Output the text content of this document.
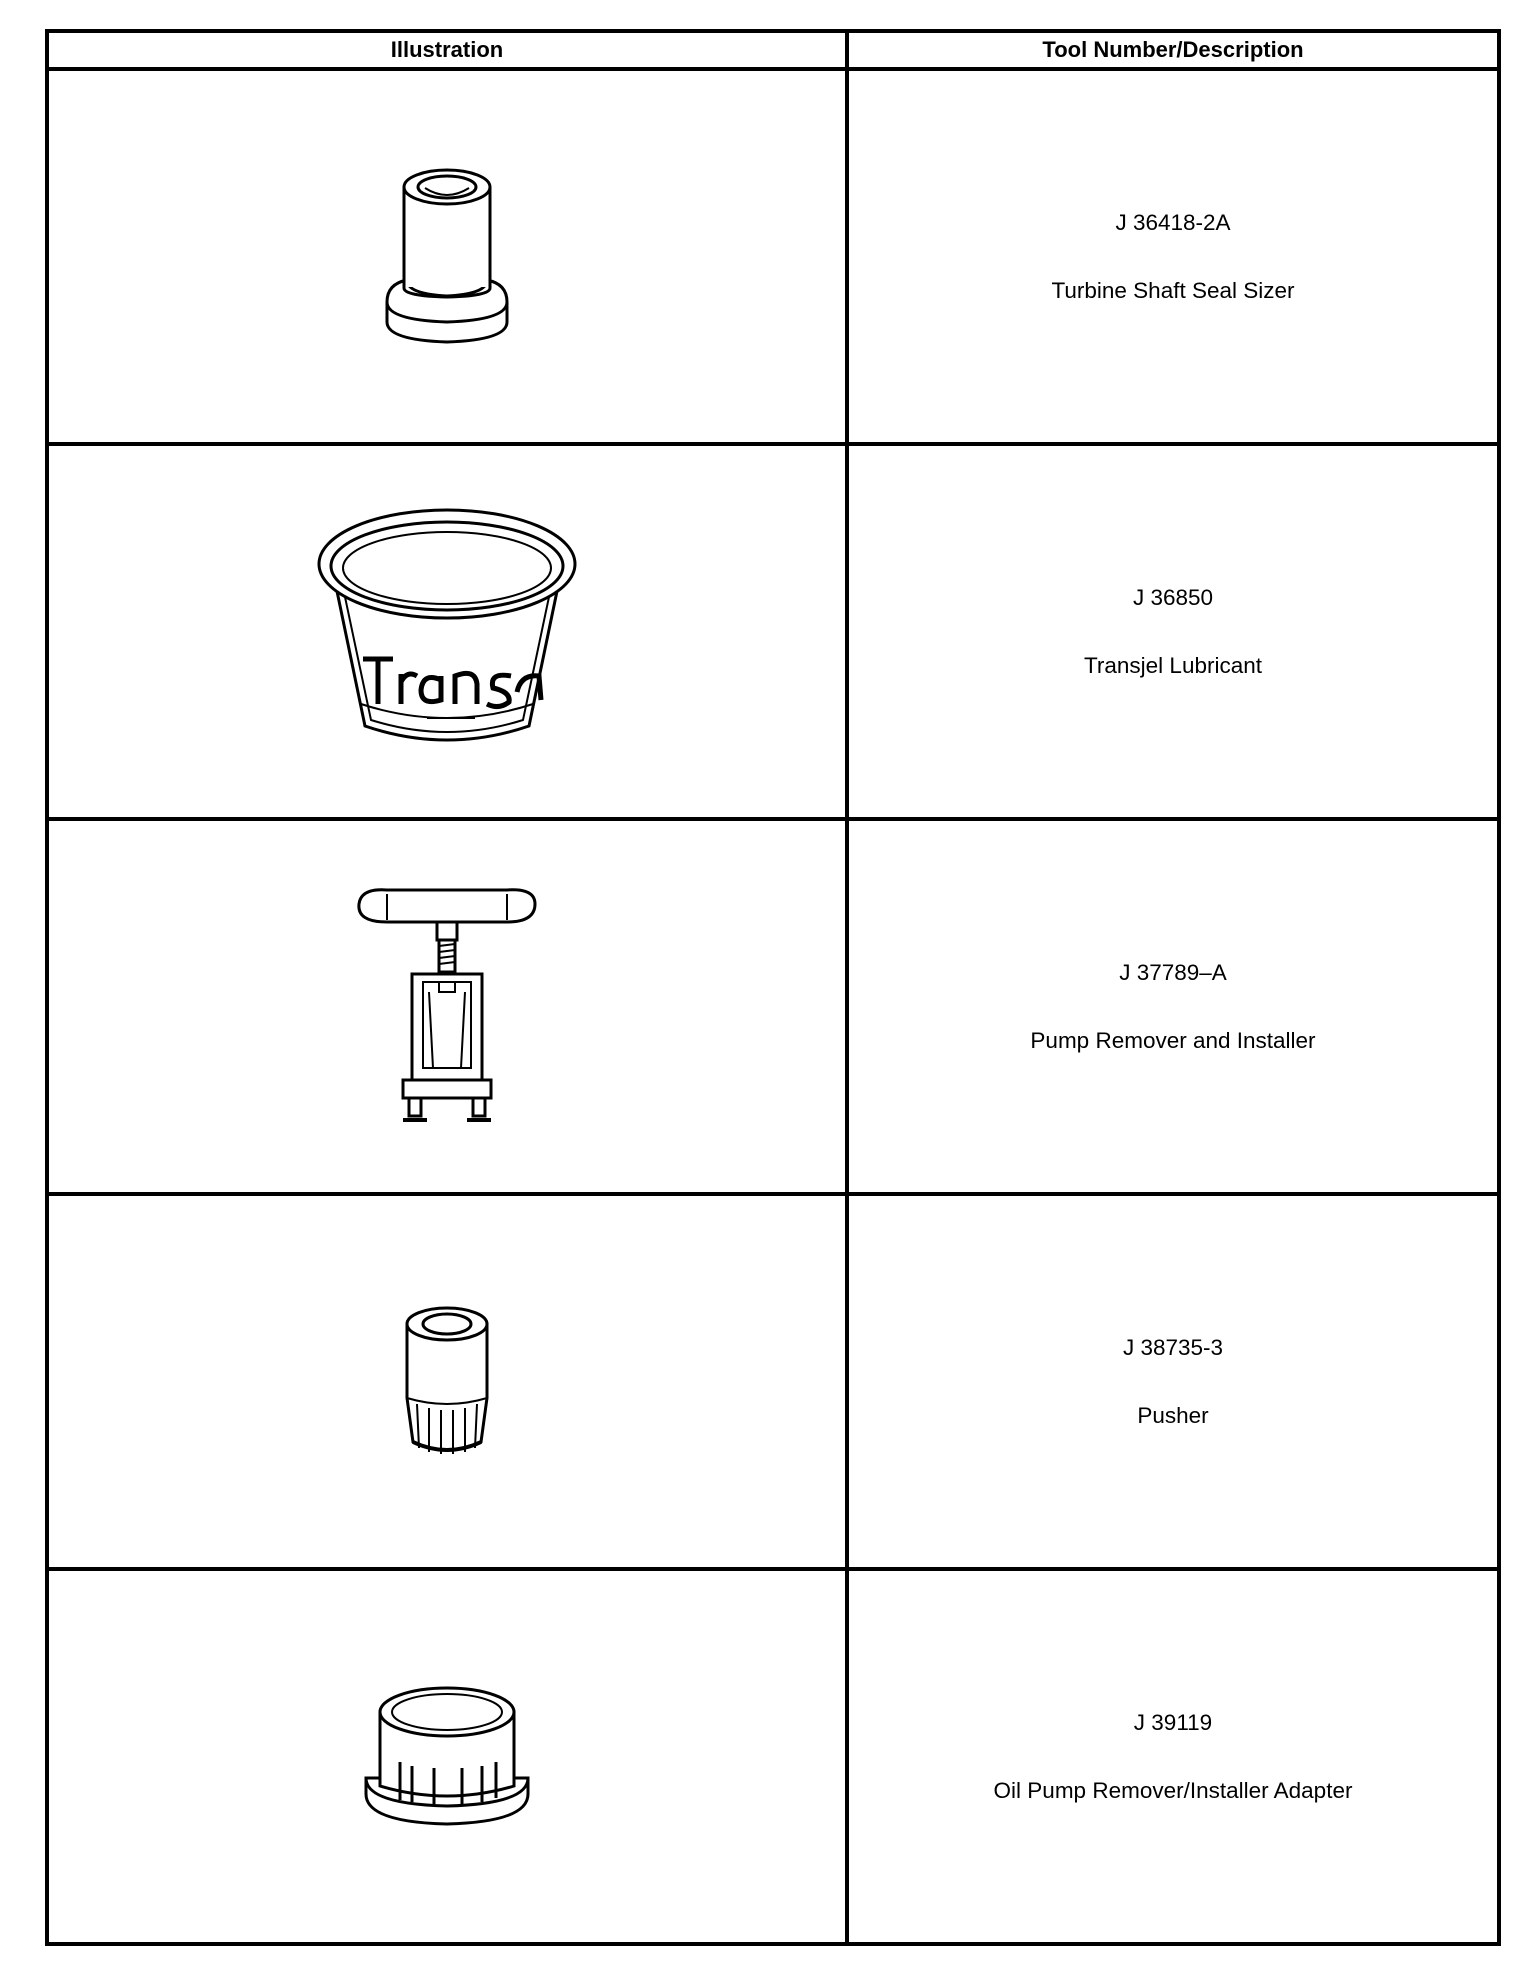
Illustration	Tool Number/Description

J 36418-2A
Turbine Shaft Seal Sizer

J 36850
Transjel Lubricant

J 37789–A
Pump Remover and Installer

J 38735-3
Pusher

J 39119
Oil Pump Remover/Installer Adapter
